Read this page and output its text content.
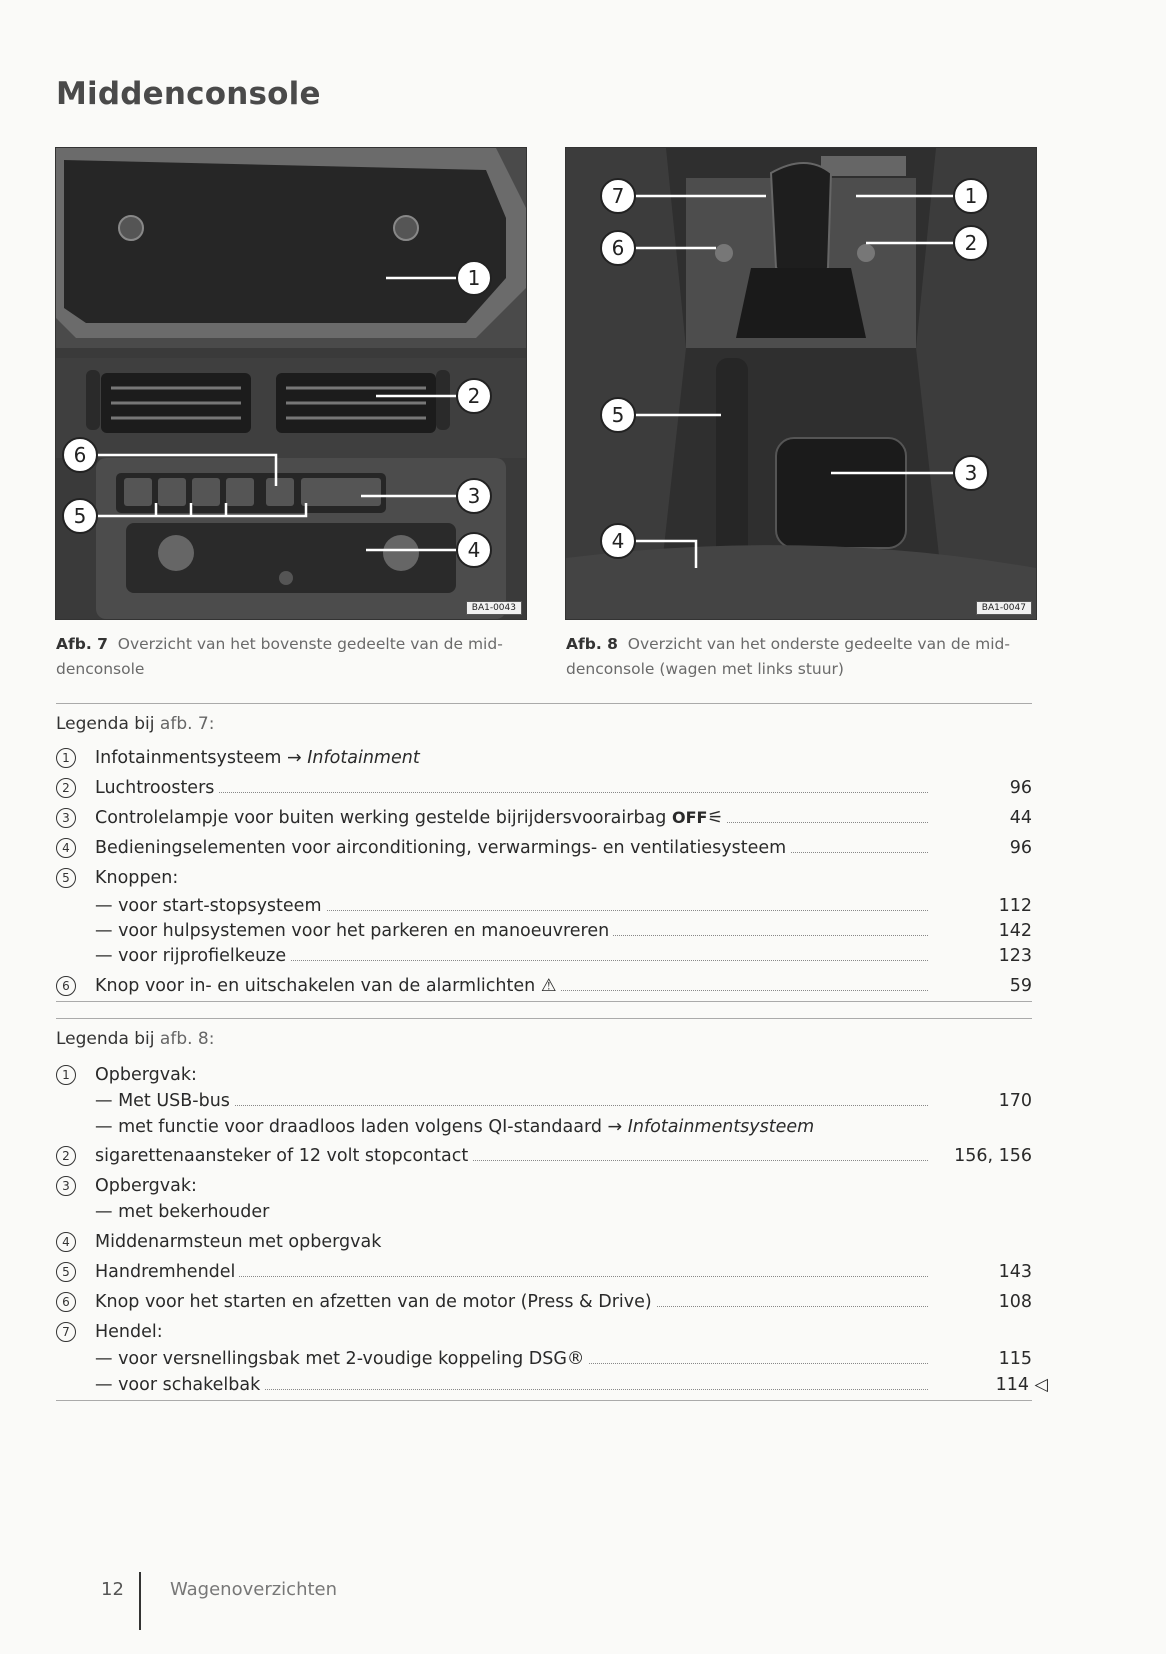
Middenconsole
1
2
3
4
5
6
BA1-0043
1
2
3
4
5
6
7
BA1-0047
Afb. 7 Overzicht van het bovenste gedeelte van de mid-
denconsole
Afb. 8 Overzicht van het onderste gedeelte van de mid-
denconsole (wagen met links stuur)
Legenda bij afb. 7:
1	Infotainmentsysteem → Infotainment
2	Luchtroosters	96
3	Controlelampje voor buiten werking gestelde bijrijdersvoorairbag OFF⚟	44
4	Bedieningselementen voor airconditioning, verwarmings- en ventilatiesysteem	96
5	Knoppen:
— voor start-stopsysteem	112
— voor hulpsystemen voor het parkeren en manoeuvreren	142
— voor rijprofielkeuze	123
6	Knop voor in- en uitschakelen van de alarmlichten ⚠	59
Legenda bij afb. 8:
1	Opbergvak:
— Met USB-bus	170
— met functie voor draadloos laden volgens QI-standaard → Infotainmentsysteem
2	sigarettenaansteker of 12 volt stopcontact	156, 156
3	Opbergvak:
— met bekerhouder
4	Middenarmsteun met opbergvak
5	Handremhendel	143
6	Knop voor het starten en afzetten van de motor (Press & Drive)	108
7	Hendel:
— voor versnellingsbak met 2-voudige koppeling DSG®	115
— voor schakelbak	114 ◁
12	Wagenoverzichten
